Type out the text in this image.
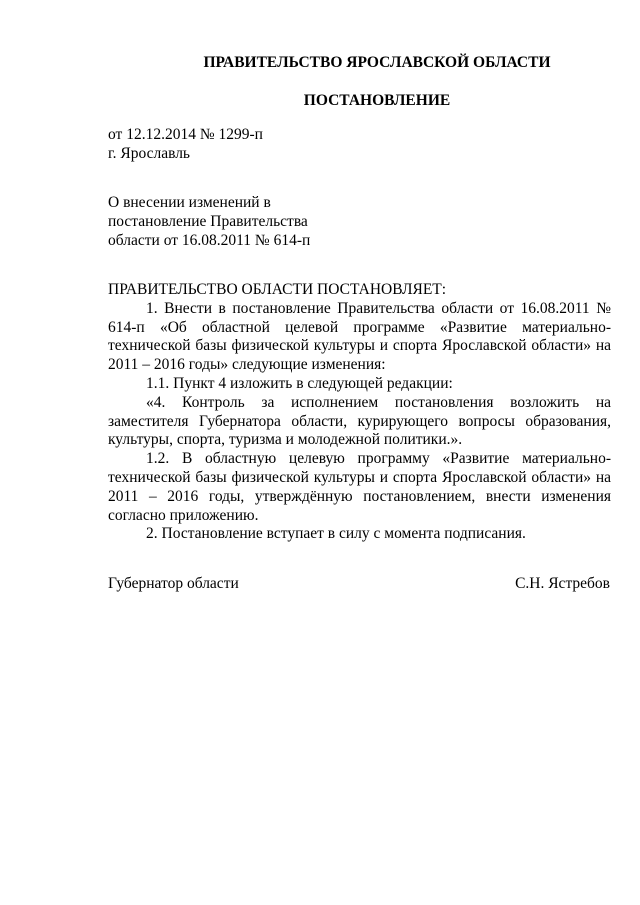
ПРАВИТЕЛЬСТВО ЯРОСЛАВСКОЙ ОБЛАСТИ
ПОСТАНОВЛЕНИЕ
от 12.12.2014 № 1299-п
г. Ярославль
О внесении изменений в
постановление Правительства
области от 16.08.2011 № 614-п

ПРАВИТЕЛЬСТВО ОБЛАСТИ ПОСТАНОВЛЯЕТ:

1. Внести в постановление Правительства области от 16.08.2011 № 614-п «Об областной целевой программе «Развитие материально-технической базы физической культуры и спорта Ярославской области» на 2011 – 2016 годы» следующие изменения:

1.1. Пункт 4 изложить в следующей редакции:

«4. Контроль за исполнением постановления возложить на заместителя Губернатора области, курирующего вопросы образования, культуры, спорта, туризма и молодежной политики.».

1.2. В областную целевую программу «Развитие материально-технической базы физической культуры и спорта Ярославской области» на 2011 – 2016 годы, утверждённую постановлением, внести изменения согласно приложению.

2. Постановление вступает в силу с момента подписания.

Губернатор области	С.Н. Ястребов
